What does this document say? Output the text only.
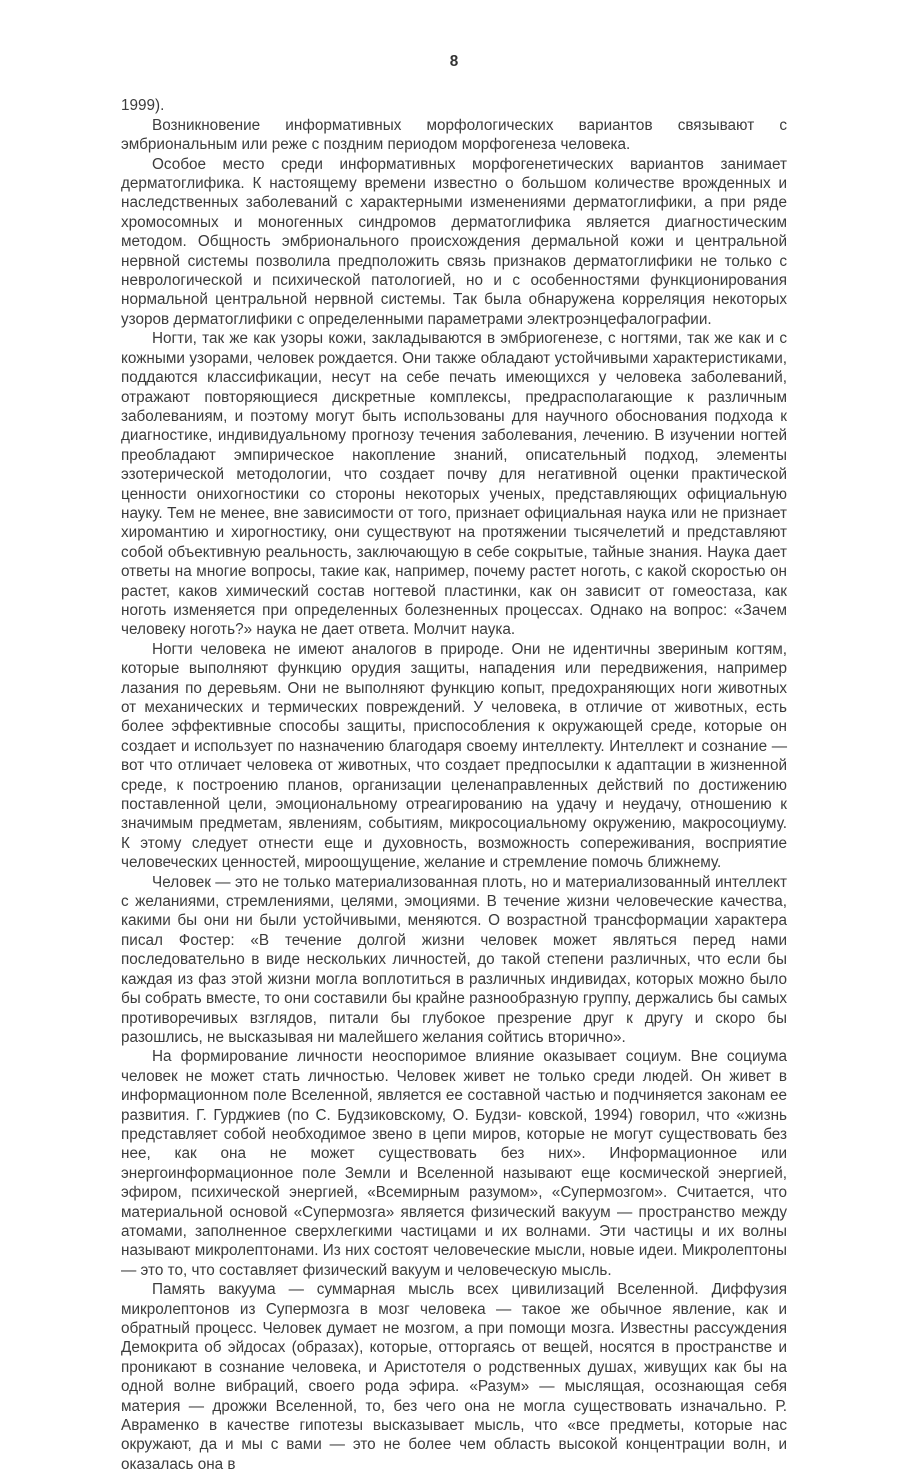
8

1999).

Возникновение информативных морфологических вариантов связывают с эмбриональным или реже с поздним периодом морфогенеза человека.

Особое место среди информативных морфогенетических вариантов занимает дерматоглифика. К настоящему времени известно о большом количестве врожденных и наследственных заболеваний с характерными изменениями дерматоглифики, а при ряде хромосомных и моногенных синдромов дерматоглифика является диагностическим методом. Общность эмбрионального происхождения дермальной кожи и центральной нервной системы позволила предположить связь признаков дерматоглифики не только с неврологической и психической патологией, но и с особенностями функционирования нормальной центральной нервной системы. Так была обнаружена корреляция некоторых узоров дерматоглифики с определенными параметрами электроэнцефалографии.

Ногти, так же как узоры кожи, закладываются в эмбриогенезе, с ногтями, так же как и с кожными узорами, человек рождается. Они также обладают устойчивыми характеристиками, поддаются классификации, несут на себе печать имеющихся у человека заболеваний, отражают повторяющиеся дискретные комплексы, предрасполагающие к различным заболеваниям, и поэтому могут быть использованы для научного обоснования подхода к диагностике, индивидуальному прогнозу течения заболевания, лечению. В изучении ногтей преобладают эмпирическое накопление знаний, описательный подход, элементы эзотерической методологии, что создает почву для негативной оценки практической ценности онихогностики со стороны некоторых ученых, представляющих официальную науку. Тем не менее, вне зависимости от того, признает официальная наука или не признает хиромантию и хирогностику, они существуют на протяжении тысячелетий и представляют собой объективную реальность, заключающую в себе сокрытые, тайные знания. Наука дает ответы на многие вопросы, такие как, например, почему растет ноготь, с какой скоростью он растет, каков химический состав ногтевой пластинки, как он зависит от гомеостаза, как ноготь изменяется при определенных болезненных процессах. Однако на вопрос: «Зачем человеку ноготь?» наука не дает ответа. Молчит наука.

Ногти человека не имеют аналогов в природе. Они не идентичны звериным когтям, которые выполняют функцию орудия защиты, нападения или передвижения, например лазания по деревьям. Они не выполняют функцию копыт, предохраняющих ноги животных от механических и термических повреждений. У человека, в отличие от животных, есть более эффективные способы защиты, приспособления к окружающей среде, которые он создает и использует по назначению благодаря своему интеллекту. Интеллект и сознание — вот что отличает человека от животных, что создает предпосылки к адаптации в жизненной среде, к построению планов, организации целенаправленных действий по достижению поставленной цели, эмоциональному отреагированию на удачу и неудачу, отношению к значимым предметам, явлениям, событиям, микросоциальному окружению, макросоциуму. К этому следует отнести еще и духовность, возможность сопереживания, восприятие человеческих ценностей, мироощущение, желание и стремление помочь ближнему.

Человек — это не только материализованная плоть, но и материализованный интеллект с желаниями, стремлениями, целями, эмоциями. В течение жизни человеческие качества, какими бы они ни были устойчивыми, меняются. О возрастной трансформации характера писал Фостер: «В течение долгой жизни человек может являться перед нами последовательно в виде нескольких личностей, до такой степени различных, что если бы каждая из фаз этой жизни могла воплотиться в различных индивидах, которых можно было бы собрать вместе, то они составили бы крайне разнообразную группу, держались бы самых противоречивых взглядов, питали бы глубокое презрение друг к другу и скоро бы разошлись, не высказывая ни малейшего желания сойтись вторично».

На формирование личности неоспоримое влияние оказывает социум. Вне социума человек не может стать личностью. Человек живет не только среди людей. Он живет в информационном поле Вселенной, является ее составной частью и подчиняется законам ее развития. Г. Гурджиев (по С. Будзиковскому, О. Будзи- ковской, 1994) говорил, что «жизнь представляет собой необходимое звено в цепи миров, которые не могут существовать без нее, как она не может существовать без них». Информационное или энергоинформационное поле Земли и Вселенной называют еще космической энергией, эфиром, психической энергией, «Всемирным разумом», «Супермозгом». Считается, что материальной основой «Супермозга» является физический вакуум — пространство между атомами, заполненное сверхлегкими частицами и их волнами. Эти частицы и их волны называют микролептонами. Из них состоят человеческие мысли, новые идеи. Микролептоны — это то, что составляет физический вакуум и человеческую мысль.

Память вакуума — суммарная мысль всех цивилизаций Вселенной. Диффузия микролептонов из Супермозга в мозг человека — такое же обычное явление, как и обратный процесс. Человек думает не мозгом, а при помощи мозга. Известны рассуждения Демокрита об эйдосах (образах), которые, отторгаясь от вещей, носятся в пространстве и проникают в сознание человека, и Аристотеля о родственных душах, живущих как бы на одной волне вибраций, своего рода эфира. «Разум» — мыслящая, осознающая себя материя — дрожжи Вселенной, то, без чего она не могла существовать изначально. Р. Авраменко в качестве гипотезы высказывает мысль, что «все предметы, которые нас окружают, да и мы с вами — это не более чем область высокой концентрации волн, и оказалась она в
